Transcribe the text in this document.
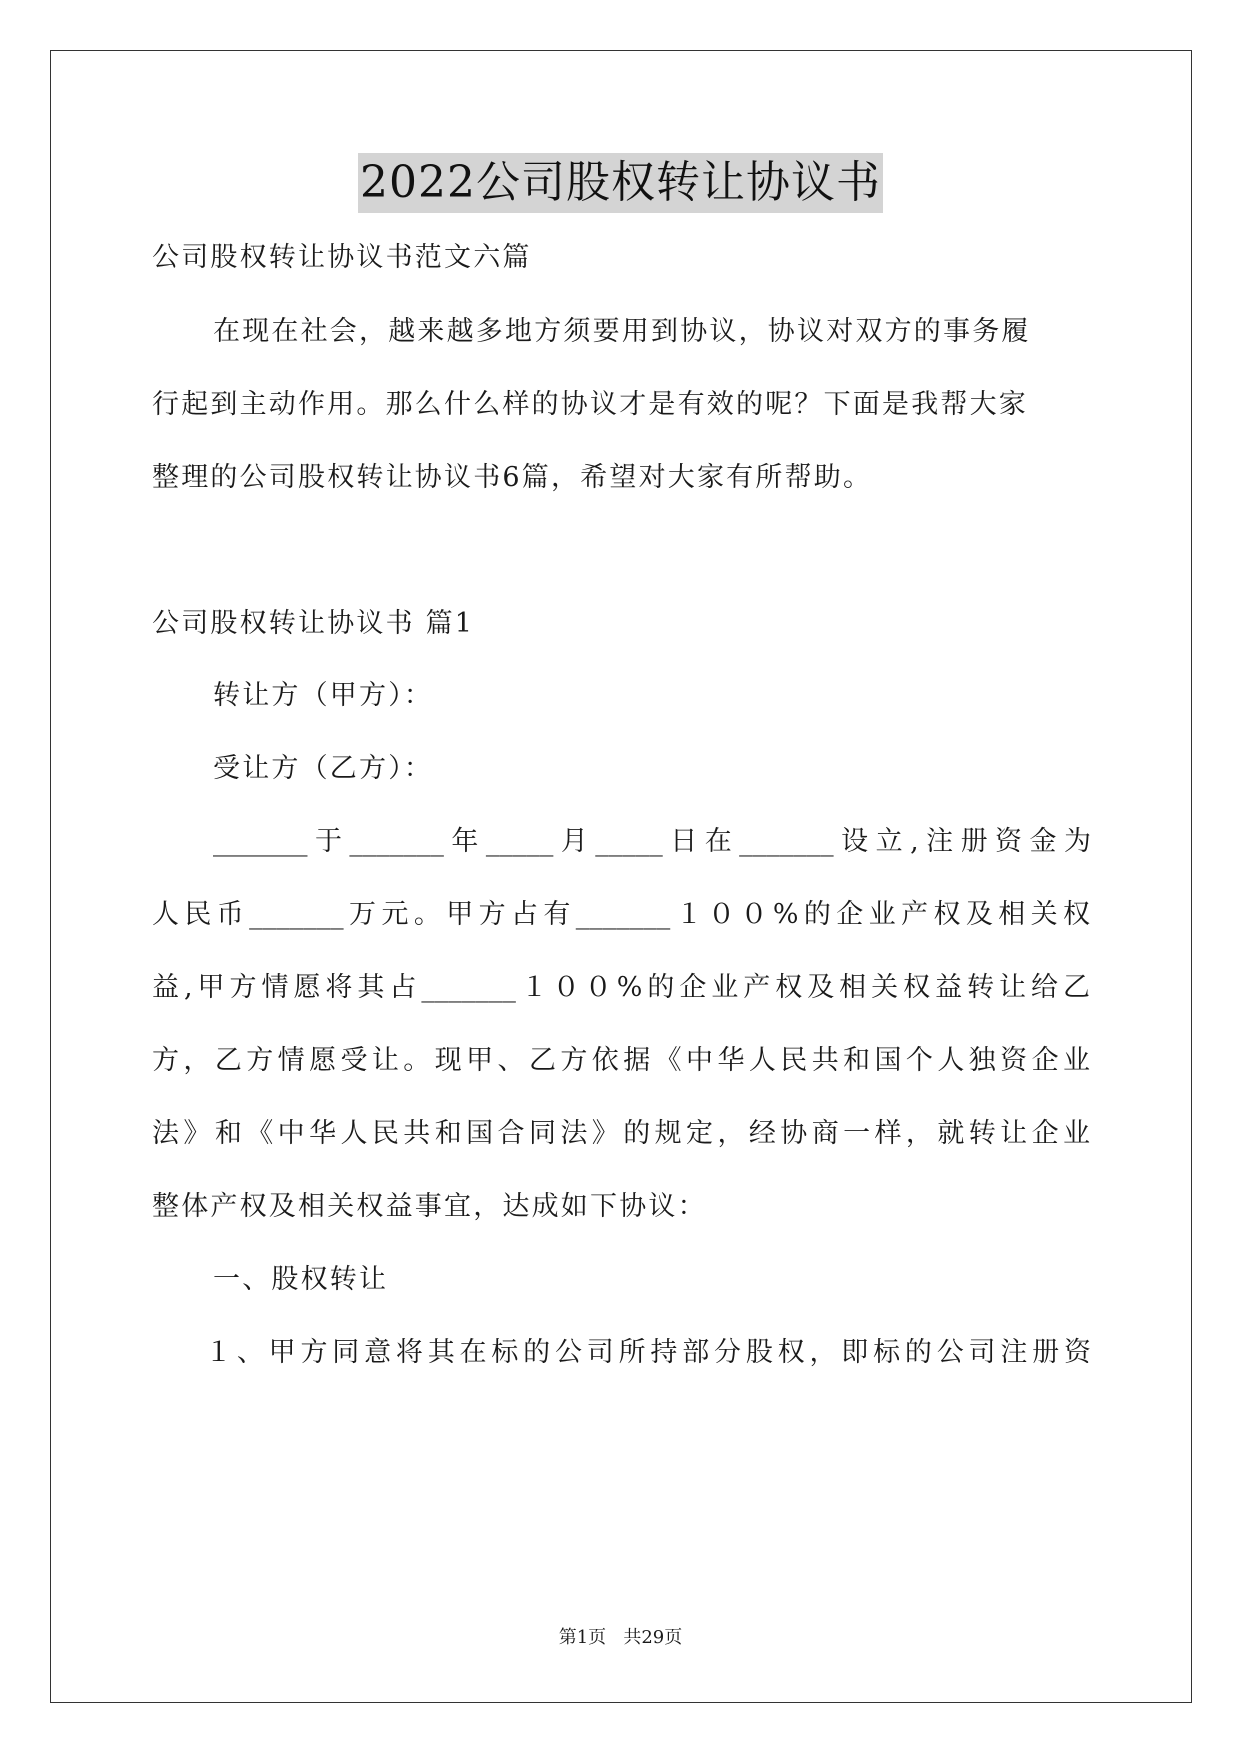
2022公司股权转让协议书
公司股权转让协议书范文六篇
在现在社会，越来越多地方须要用到协议，协议对双方的事务履
行起到主动作用。那么什么样的协议才是有效的呢？下面是我帮大家
整理的公司股权转让协议书6篇，希望对大家有所帮助。
公司股权转让协议书 篇1
转让方（甲方）：
受让方（乙方）：
_______于_______年_____月_____日在_______设立,注册资金为
人民币_______万元。甲方占有_______１００%的企业产权及相关权
益,甲方情愿将其占_______１００%的企业产权及相关权益转让给乙
方，乙方情愿受让。现甲、乙方依据《中华人民共和国个人独资企业
法》和《中华人民共和国合同法》的规定，经协商一样，就转让企业
整体产权及相关权益事宜，达成如下协议：
一、股权转让
１、甲方同意将其在标的公司所持部分股权，即标的公司注册资
第1页   共29页
